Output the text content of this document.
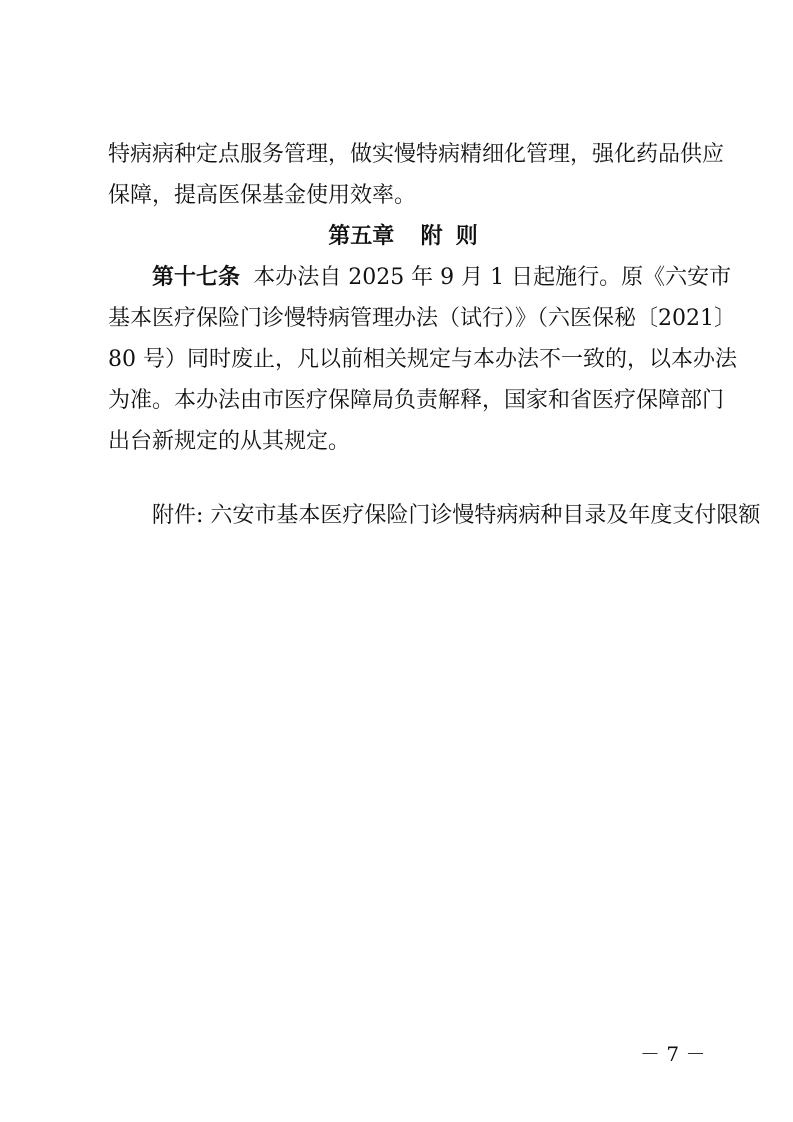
特病病种定点服务管理，做实慢特病精细化管理，强化药品供应
保障，提高医保基金使用效率。
第五章 附 则
第十七条 本办法自 2025 年 9 月 1 日起施行。原《六安市
基本医疗保险门诊慢特病管理办法（试行）》（六医保秘〔2021〕
80 号）同时废止，凡以前相关规定与本办法不一致的，以本办法
为准。本办法由市医疗保障局负责解释，国家和省医疗保障部门
出台新规定的从其规定。
附件: 六安市基本医疗保险门诊慢特病病种目录及年度支付限额
－ 7 －
